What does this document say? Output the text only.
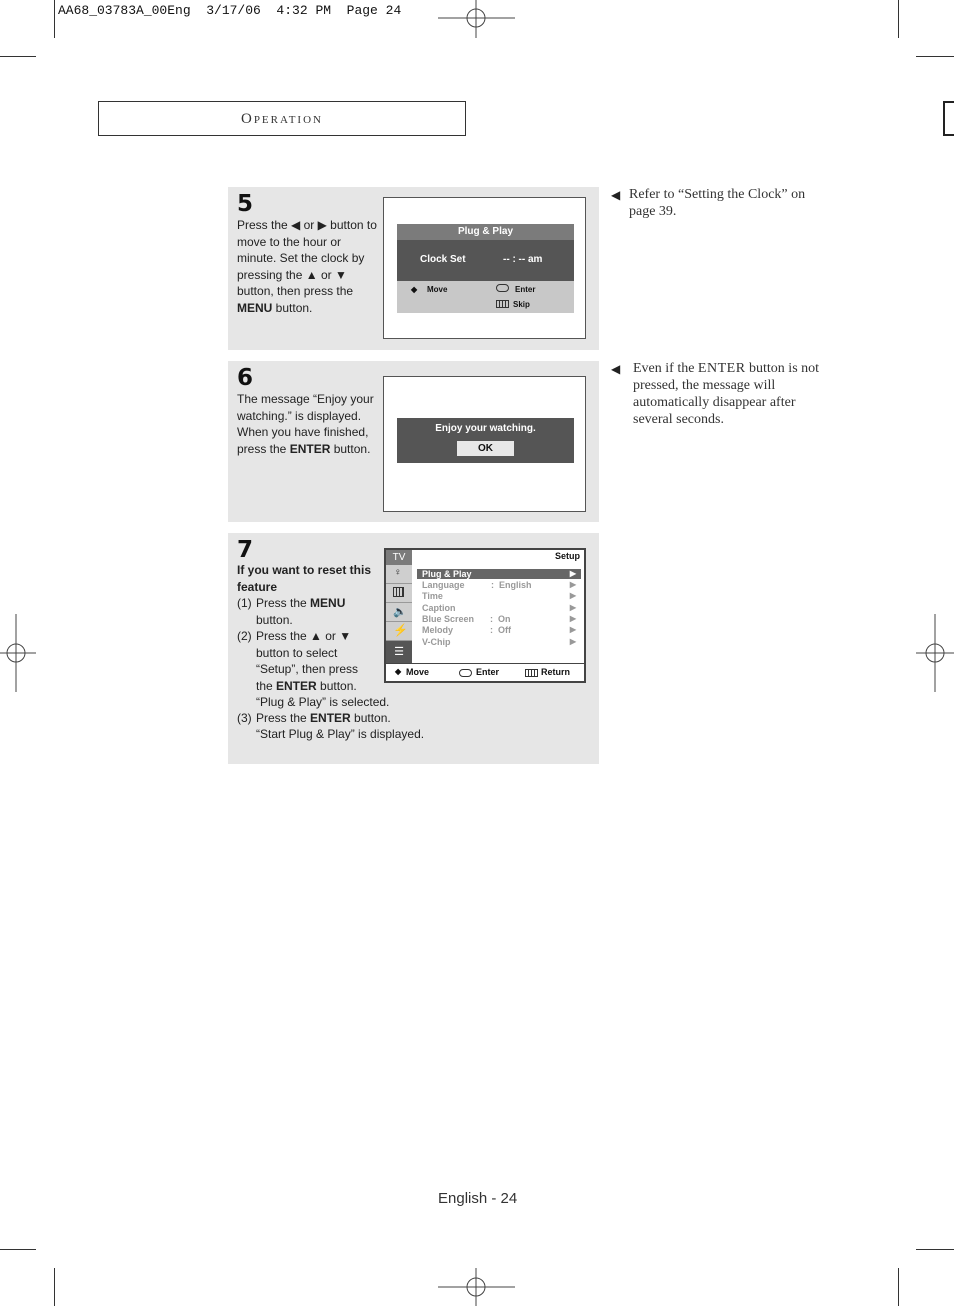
AA68_03783A_00Eng  3/17/06  4:32 PM  Page 24
Operation
5
Press the ◀ or ▶ button to move to the hour or minute. Set the clock by pressing the ▲ or ▼ button, then press the MENU button.
Plug & Play
Clock Set	-- : -- am
◆ Move	Enter
Skip
The message “Enjoy your watching.” is displayed. When you have finished, press the ENTER button.
6
Enjoy your watching.
OK
7
If you want to reset this feature
(1) Press the MENU button.
(2) Press the ▲ or ▼ button to select “Setup”, then press the ENTER button.
“Plug & Play” is selected.
(3) Press the ENTER button.
“Start Plug & Play” is displayed.
TV	Setup
♀
🔈
⚡
☰
Plug & Play	▶
Language	:  English	▶
Time	▶
Caption	▶
Blue Screen :  On	▶
Melody :  Off	▶
V-Chip	▶
◆ Move	Enter	Return
◀ Refer to “Setting the Clock” on page 39.
◀ Even if the ENTER button is not pressed, the message will automatically disappear after several seconds.
English - 24
